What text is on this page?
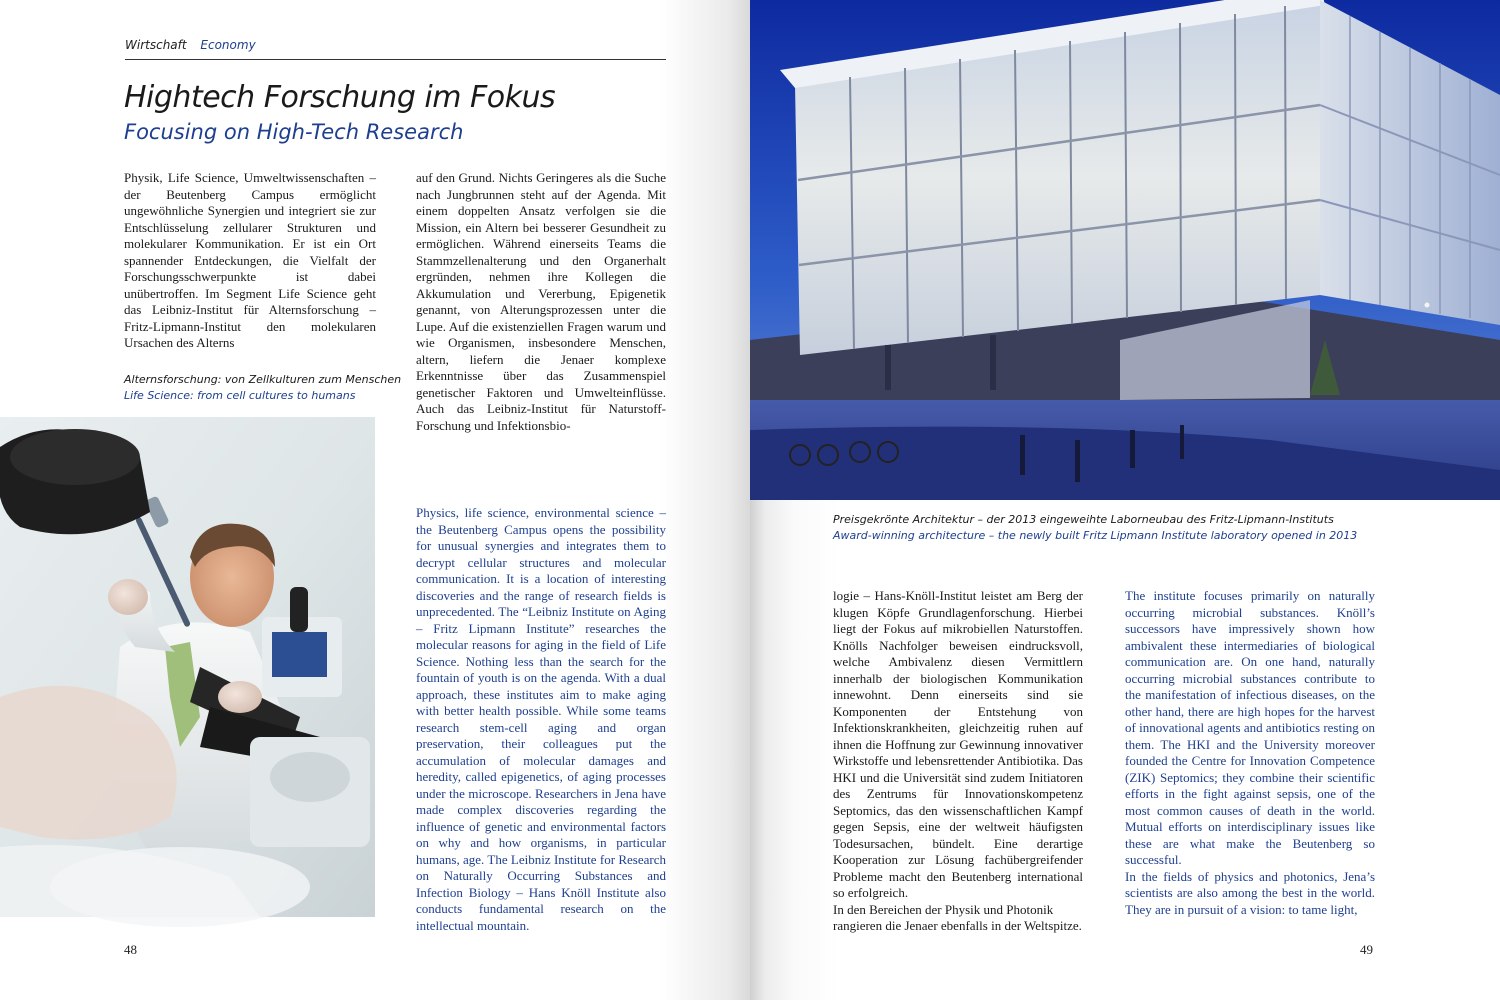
Wirtschaft Economy
Hightech Forschung im Fokus
Focusing on High-Tech Research
Physik, Life Science, Umweltwissenschaften – der Beutenberg Campus ermöglicht ungewöhnliche Synergien und integriert sie zur Entschlüsselung zellularer Strukturen und molekularer Kommunikation. Er ist ein Ort spannender Entdeckungen, die Vielfalt der Forschungsschwerpunkte ist dabei unübertroffen. Im Segment Life Science geht das Leibniz-Institut für Alternsforschung – Fritz-Lipmann-Institut den molekularen Ursachen des Alterns
Alternsforschung: von Zellkulturen zum Menschen
Life Science: from cell cultures to humans
auf den Grund. Nichts Geringeres als die Suche nach Jungbrunnen steht auf der Agenda. Mit einem doppelten Ansatz verfolgen sie die Mission, ein Altern bei besserer Gesundheit zu ermöglichen. Während einerseits Teams die Stammzellenalterung und den Organerhalt ergründen, nehmen ihre Kollegen die Akkumulation und Vererbung, Epigenetik genannt, von Alterungsprozessen unter die Lupe. Auf die existenziellen Fragen warum und wie Organismen, insbesondere Menschen, altern, liefern die Jenaer komplexe Erkenntnisse über das Zusammenspiel genetischer Faktoren und Umwelteinflüsse. Auch das Leibniz-Institut für Naturstoff-Forschung und Infektionsbio-
Physics, life science, environmental science – the Beutenberg Campus opens the possibility for unusual synergies and integrates them to decrypt cellular structures and molecular communication. It is a location of interesting discoveries and the range of research fields is unprecedented. The “Leibniz Institute on Aging – Fritz Lipmann Institute” researches the molecular reasons for aging in the field of Life Science. Nothing less than the search for the fountain of youth is on the agenda. With a dual approach, these institutes aim to make aging with better health possible. While some teams research stem-cell aging and organ preservation, their colleagues put the accumulation of molecular damages and heredity, called epigenetics, of aging processes under the microscope. Researchers in Jena have made complex discoveries regarding the influence of genetic and environmental factors on why and how organisms, in particular humans, age. The Leibniz Institute for Research on Naturally Occurring Substances and Infection Biology – Hans Knöll Institute also conducts fundamental research on the intellectual mountain.
48
Preisgekrönte Architektur – der 2013 eingeweihte Laborneubau des Fritz-Lipmann-Instituts
Award-winning architecture – the newly built Fritz Lipmann Institute laboratory opened in 2013
logie – Hans-Knöll-Institut leistet am Berg der klugen Köpfe Grundlagenforschung. Hierbei liegt der Fokus auf mikrobiellen Naturstoffen. Knölls Nachfolger beweisen eindrucksvoll, welche Ambivalenz diesen Vermittlern innerhalb der biologischen Kommunikation innewohnt. Denn einerseits sind sie Komponenten der Entstehung von Infektionskrankheiten, gleichzeitig ruhen auf ihnen die Hoffnung zur Gewinnung innovativer Wirkstoffe und lebensrettender Antibiotika. Das HKI und die Universität sind zudem Initiatoren des Zentrums für Innovationskompetenz Septomics, das den wissenschaftlichen Kampf gegen Sepsis, eine der weltweit häufigsten Todesursachen, bündelt. Eine derartige Kooperation zur Lösung fachübergreifender Probleme macht den Beutenberg international so erfolgreich.
In den Bereichen der Physik und Photonik rangieren die Jenaer ebenfalls in der Weltspitze.
The institute focuses primarily on naturally occurring microbial substances. Knöll’s successors have impressively shown how ambivalent these intermediaries of biological communication are. On one hand, naturally occurring microbial substances contribute to the manifestation of infectious diseases, on the other hand, there are high hopes for the harvest of innovational agents and antibiotics resting on them. The HKI and the University moreover founded the Centre for Innovation Competence (ZIK) Septomics; they combine their scientific efforts in the fight against sepsis, one of the most common causes of death in the world. Mutual efforts on interdisciplinary issues like these are what make the Beutenberg so successful.
In the fields of physics and photonics, Jena’s scientists are also among the best in the world. They are in pursuit of a vision: to tame light,
49
